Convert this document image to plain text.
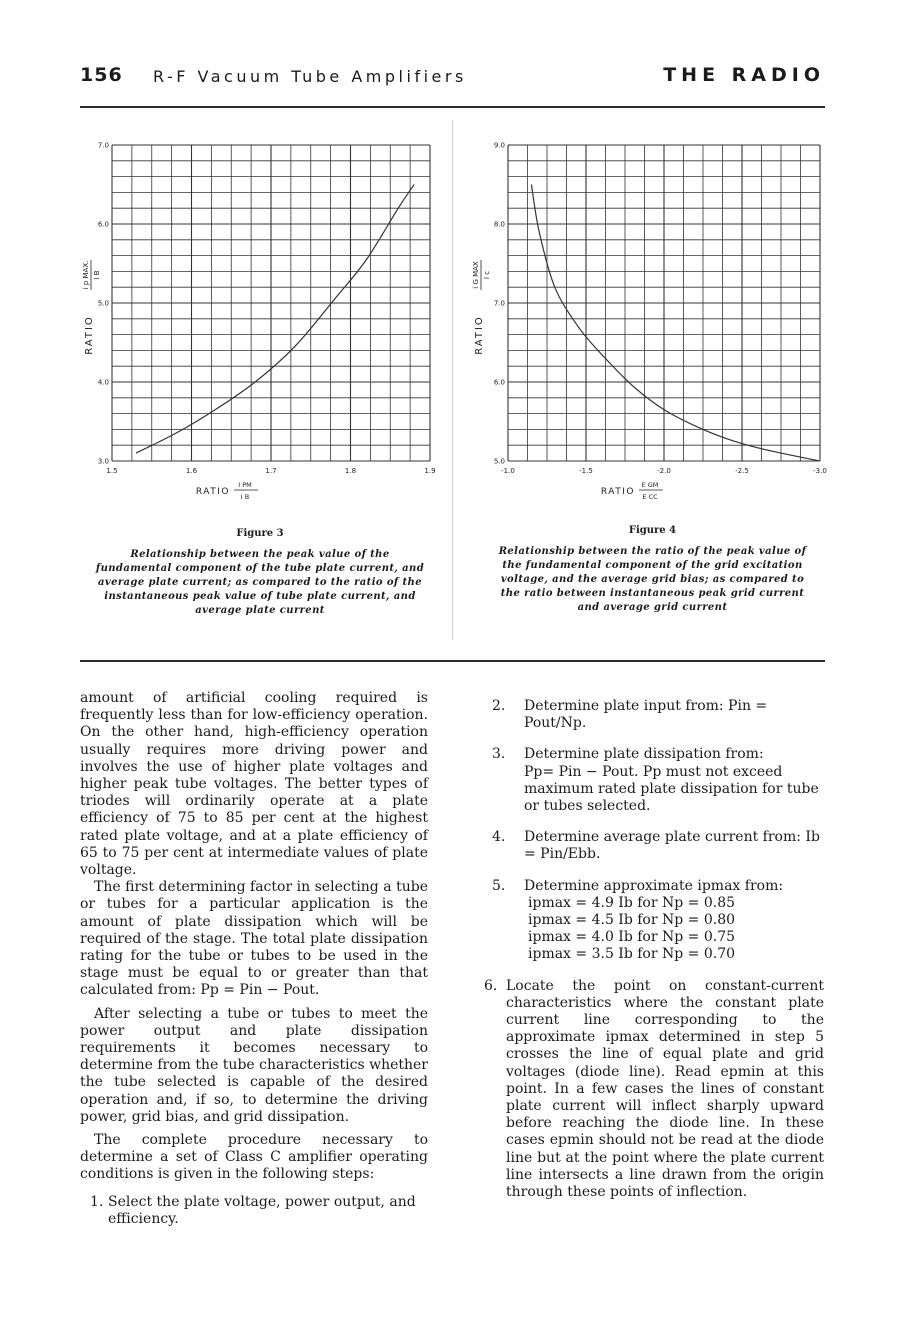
156 R-F Vacuum Tube Amplifiers	THE RADIO
1.5	1.6	1.7	1.8	1.9
3.0
4.0
5.0
6.0
7.0
RATIO
i p MAX. I B
RATIO
I PM
I B
-1.0	-1.5	-2.0	-2.5	-3.0
5.0
6.0
7.0
8.0
9.0
RATIO
i G MAX I c
RATIO
E GM
E CC
Figure 3
Relationship between the peak value of the fundamental component of the tube plate current, and average plate current; as compared to the ratio of the instantaneous peak value of tube plate current, and average plate current
Figure 4
Relationship between the ratio of the peak value of the fundamental component of the grid excitation voltage, and the average grid bias; as compared to the ratio between instantaneous peak grid current and average grid current

amount of artificial cooling required is frequently less than for low-efficiency operation. On the other hand, high-efficiency operation usually requires more driving power and involves the use of higher plate voltages and higher peak tube voltages. The better types of triodes will ordinarily operate at a plate efficiency of 75 to 85 per cent at the highest rated plate voltage, and at a plate efficiency of 65 to 75 per cent at intermediate values of plate voltage.

The first determining factor in selecting a tube or tubes for a particular application is the amount of plate dissipation which will be required of the stage. The total plate dissipation rating for the tube or tubes to be used in the stage must be equal to or greater than that calculated from: Pp = Pin − Pout.

After selecting a tube or tubes to meet the power output and plate dissipation requirements it becomes necessary to determine from the tube characteristics whether the tube selected is capable of the desired operation and, if so, to determine the driving power, grid bias, and grid dissipation.

The complete procedure necessary to determine a set of Class C amplifier operating conditions is given in the following steps:

1. Select the plate voltage, power output, and efficiency.
2. Determine plate input from: Pin = Pout/Np.
3. Determine plate dissipation from:
Pp= Pin − Pout. Pp must not exceed maximum rated plate dissipation for tube or tubes selected.
4. Determine average plate current from: Ib = Pin/Ebb.
5. Determine approximate ipmax from:
ipmax = 4.9 Ib for Np = 0.85
ipmax = 4.5 Ib for Np = 0.80
ipmax = 4.0 Ib for Np = 0.75
ipmax = 3.5 Ib for Np = 0.70
6. Locate the point on constant-current characteristics where the constant plate current line corresponding to the approximate ipmax determined in step 5 crosses the line of equal plate and grid voltages (diode line). Read epmin at this point. In a few cases the lines of constant plate current will inflect sharply upward before reaching the diode line. In these cases epmin should not be read at the diode line but at the point where the plate current line intersects a line drawn from the origin through these points of inflection.
